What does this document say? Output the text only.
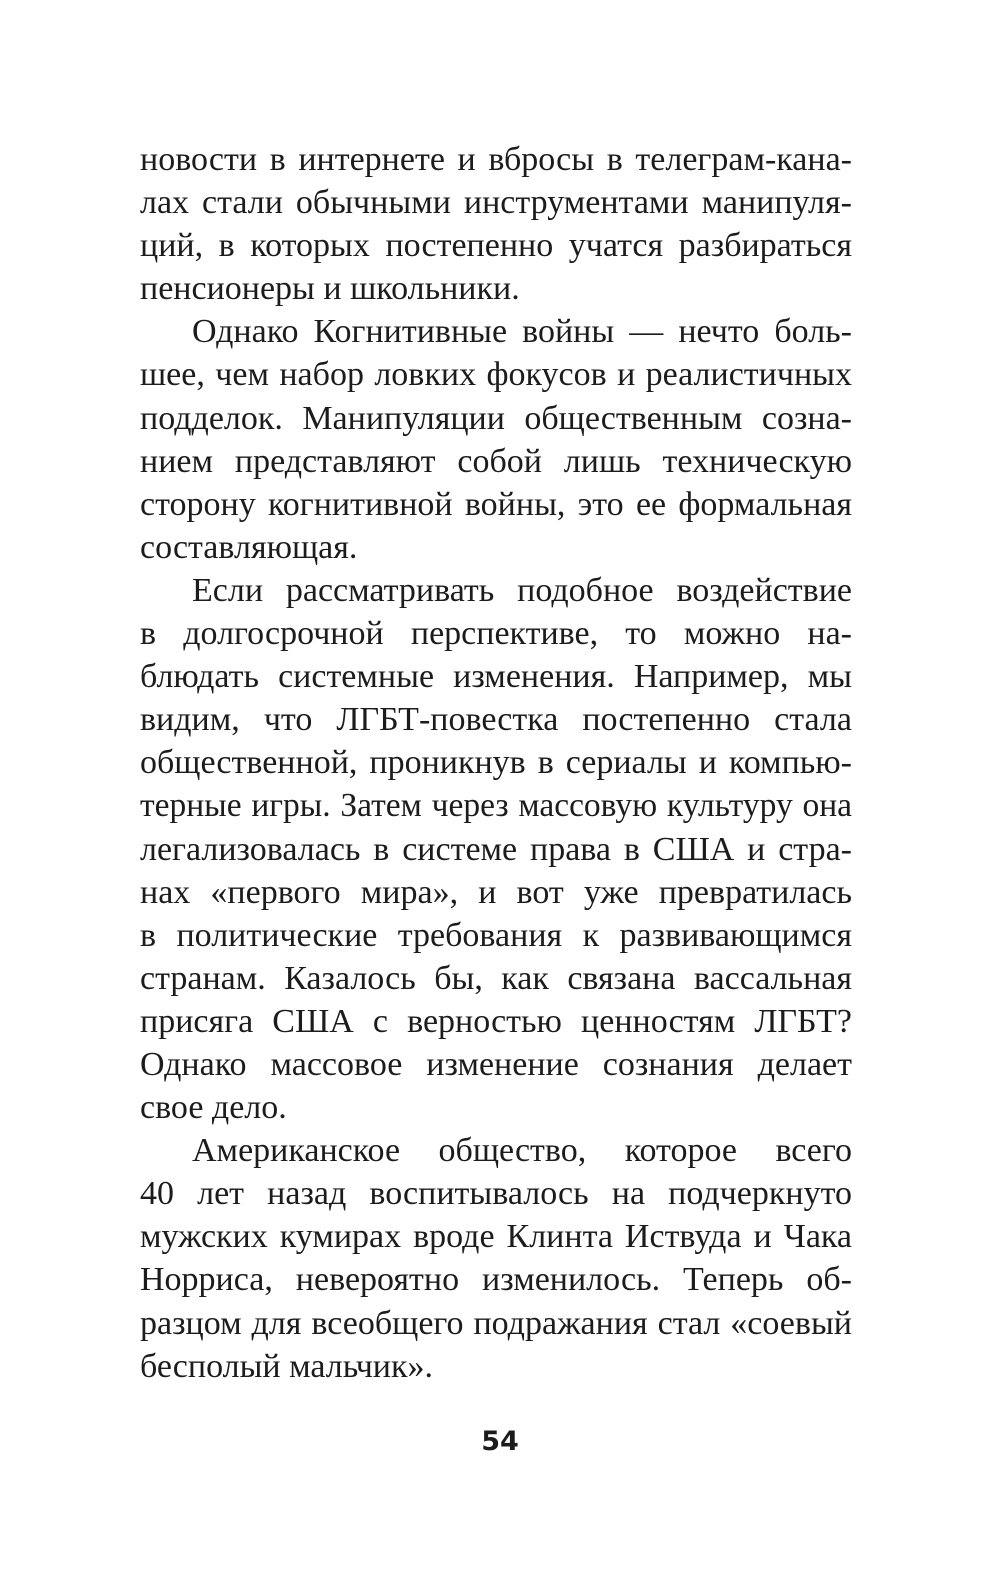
новости в интернете и вбросы в телеграм-кана-
лах стали обычными инструментами манипуля-
ций, в которых постепенно учатся разбираться
пенсионеры и школьники.
Однако Когнитивные войны — нечто боль-
шее, чем набор ловких фокусов и реалистичных
подделок. Манипуляции общественным созна-
нием представляют собой лишь техническую
сторону когнитивной войны, это ее формальная
составляющая.
Если рассматривать подобное воздействие
в долгосрочной перспективе, то можно на-
блюдать системные изменения. Например, мы
видим, что ЛГБТ-повестка постепенно стала
общественной, проникнув в сериалы и компью-
терные игры. Затем через массовую культуру она
легализовалась в системе права в США и стра-
нах «первого мира», и вот уже превратилась
в политические требования к развивающимся
странам. Казалось бы, как связана вассальная
присяга США с верностью ценностям ЛГБТ?
Однако массовое изменение сознания делает
свое дело.
Американское общество, которое всего
40 лет назад воспитывалось на подчеркнуто
мужских кумирах вроде Клинта Иствуда и Чака
Норриса, невероятно изменилось. Теперь об-
разцом для всеобщего подражания стал «соевый
бесполый мальчик».
54
